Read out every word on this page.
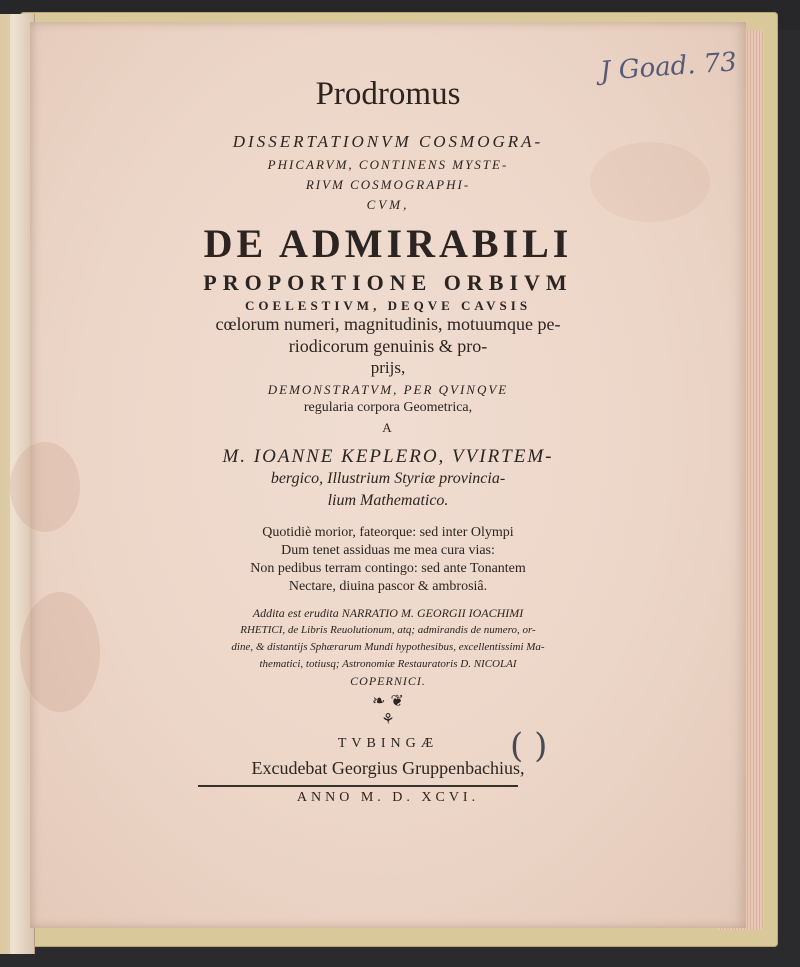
J Goad. 73
Prodromus
DISSERTATIONVM COSMOGRA-
PHICARVM, CONTINENS MYSTE-
RIVM COSMOGRAPHI-
CVM,
DE ADMIRABILI
PROPORTIONE ORBIVM
COELESTIVM, DEQVE CAVSIS
cœlorum numeri, magnitudinis, motuumque pe-
riodicorum genuinis & pro-
prijs,
DEMONSTRATVM, PER QVINQVE
regularia corpora Geometrica,
A
M. IOANNE KEPLERO, VVIRTEM-
bergico, Illustrium Styriæ provincia-
lium Mathematico.
Quotidiè morior, fateorque: sed inter Olympi
Dum tenet assiduas me mea cura vias:
Non pedibus terram contingo: sed ante Tonantem
Nectare, diuina pascor & ambrosiâ.
Addita est erudita NARRATIO M. GEORGII IOACHIMI
RHETICI, de Libris Reuolutionum, atq; admirandis de numero, or-
dine, & distantijs Sphærarum Mundi hypothesibus, excellentissimi Ma-
thematici, totiusq; Astronomiæ Restauratoris D. NICOLAI
COPERNICI.
❧ ❦
⚘
TVBINGÆ
Excudebat Georgius Gruppenbachius,
ANNO M. D. XCVI.
( )
